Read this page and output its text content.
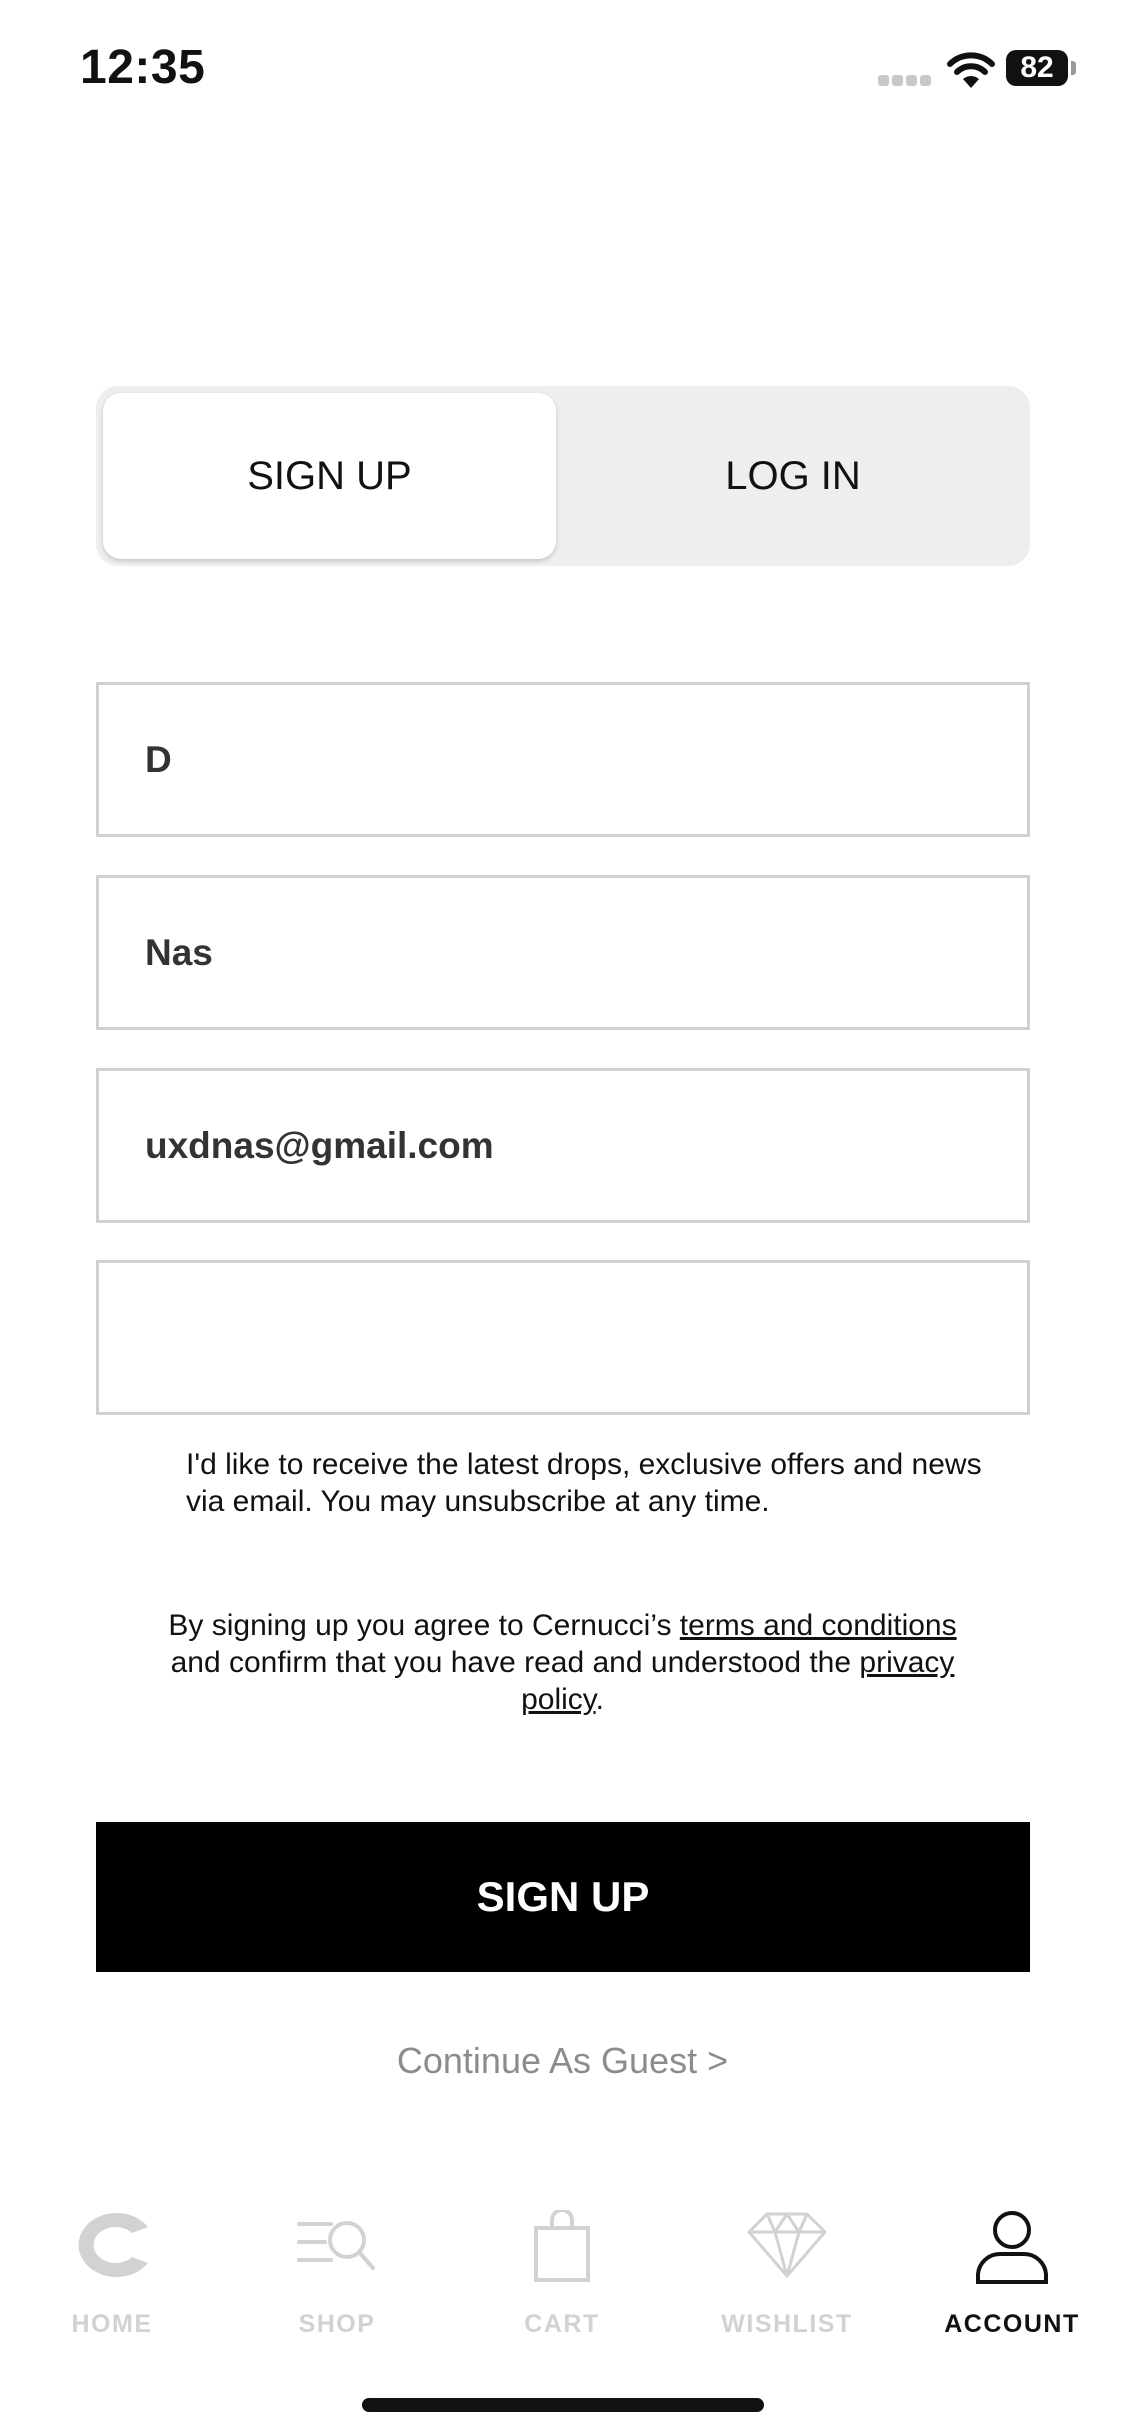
12:35	82
SIGN UP	LOG IN
D
Nas
uxdnas@gmail.com
I'd like to receive the latest drops, exclusive offers and news via email. You may unsubscribe at any time.
By signing up you agree to Cernucci’s terms and conditions and confirm that you have read and understood the privacy policy.
SIGN UP
Continue As Guest >
HOME	SHOP	CART	WISHLIST	ACCOUNT
